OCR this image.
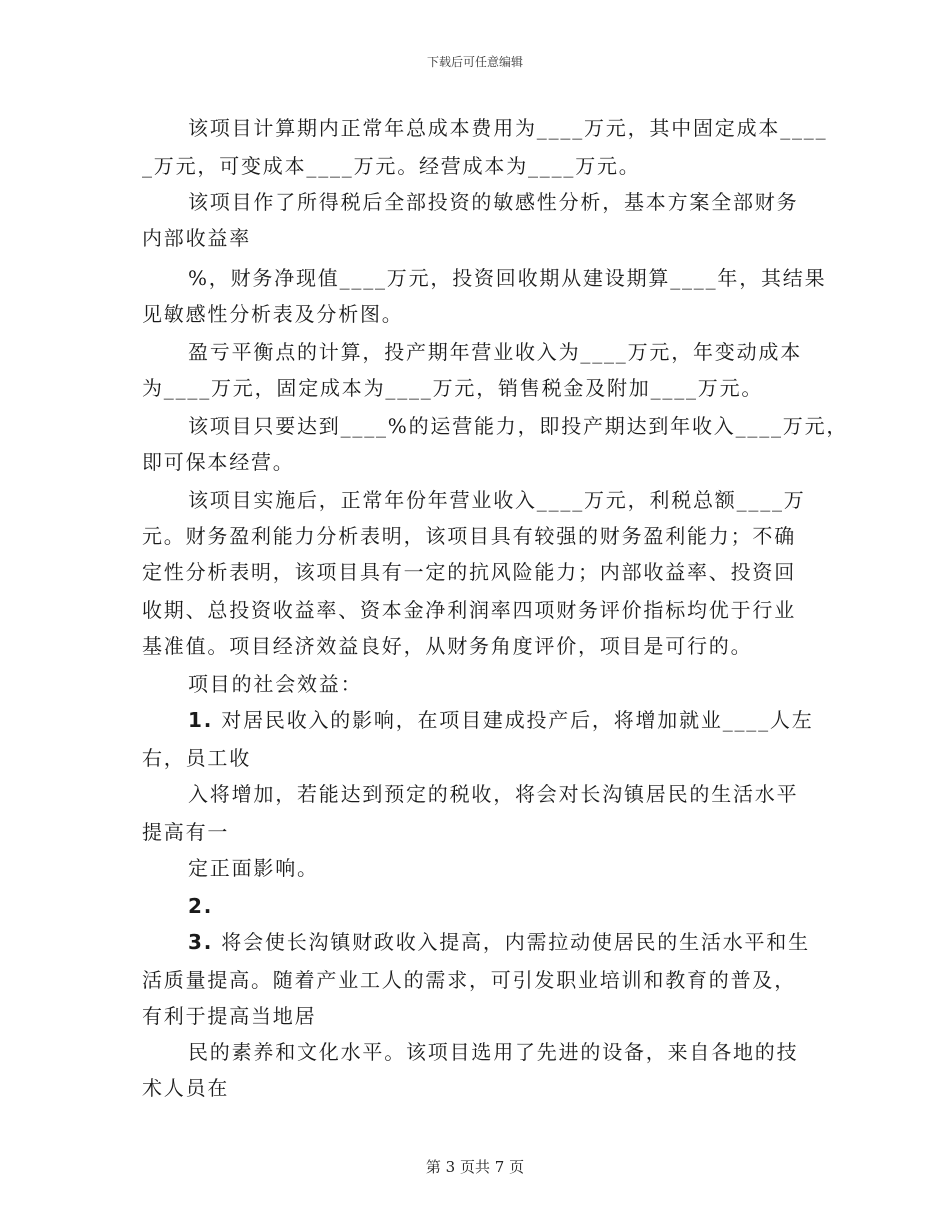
下载后可任意编辑
该项目计算期内正常年总成本费用为____万元，其中固定成本____
_万元，可变成本____万元。经营成本为____万元。
该项目作了所得税后全部投资的敏感性分析，基本方案全部财务
内部收益率
%，财务净现值____万元，投资回收期从建设期算____年，其结果
见敏感性分析表及分析图。
盈亏平衡点的计算，投产期年营业收入为____万元，年变动成本
为____万元，固定成本为____万元，销售税金及附加____万元。
该项目只要达到____%的运营能力，即投产期达到年收入____万元，
即可保本经营。
该项目实施后，正常年份年营业收入____万元，利税总额____万
元。财务盈利能力分析表明，该项目具有较强的财务盈利能力；不确
定性分析表明，该项目具有一定的抗风险能力；内部收益率、投资回
收期、总投资收益率、资本金净利润率四项财务评价指标均优于行业
基准值。项目经济效益良好，从财务角度评价，项目是可行的。
项目的社会效益：
1. 对居民收入的影响，在项目建成投产后，将增加就业____人左
右，员工收
入将增加，若能达到预定的税收，将会对长沟镇居民的生活水平
提高有一
定正面影响。
2.
3. 将会使长沟镇财政收入提高，内需拉动使居民的生活水平和生
活质量提高。随着产业工人的需求，可引发职业培训和教育的普及，
有利于提高当地居
民的素养和文化水平。该项目选用了先进的设备，来自各地的技
术人员在
第 3 页共 7 页
